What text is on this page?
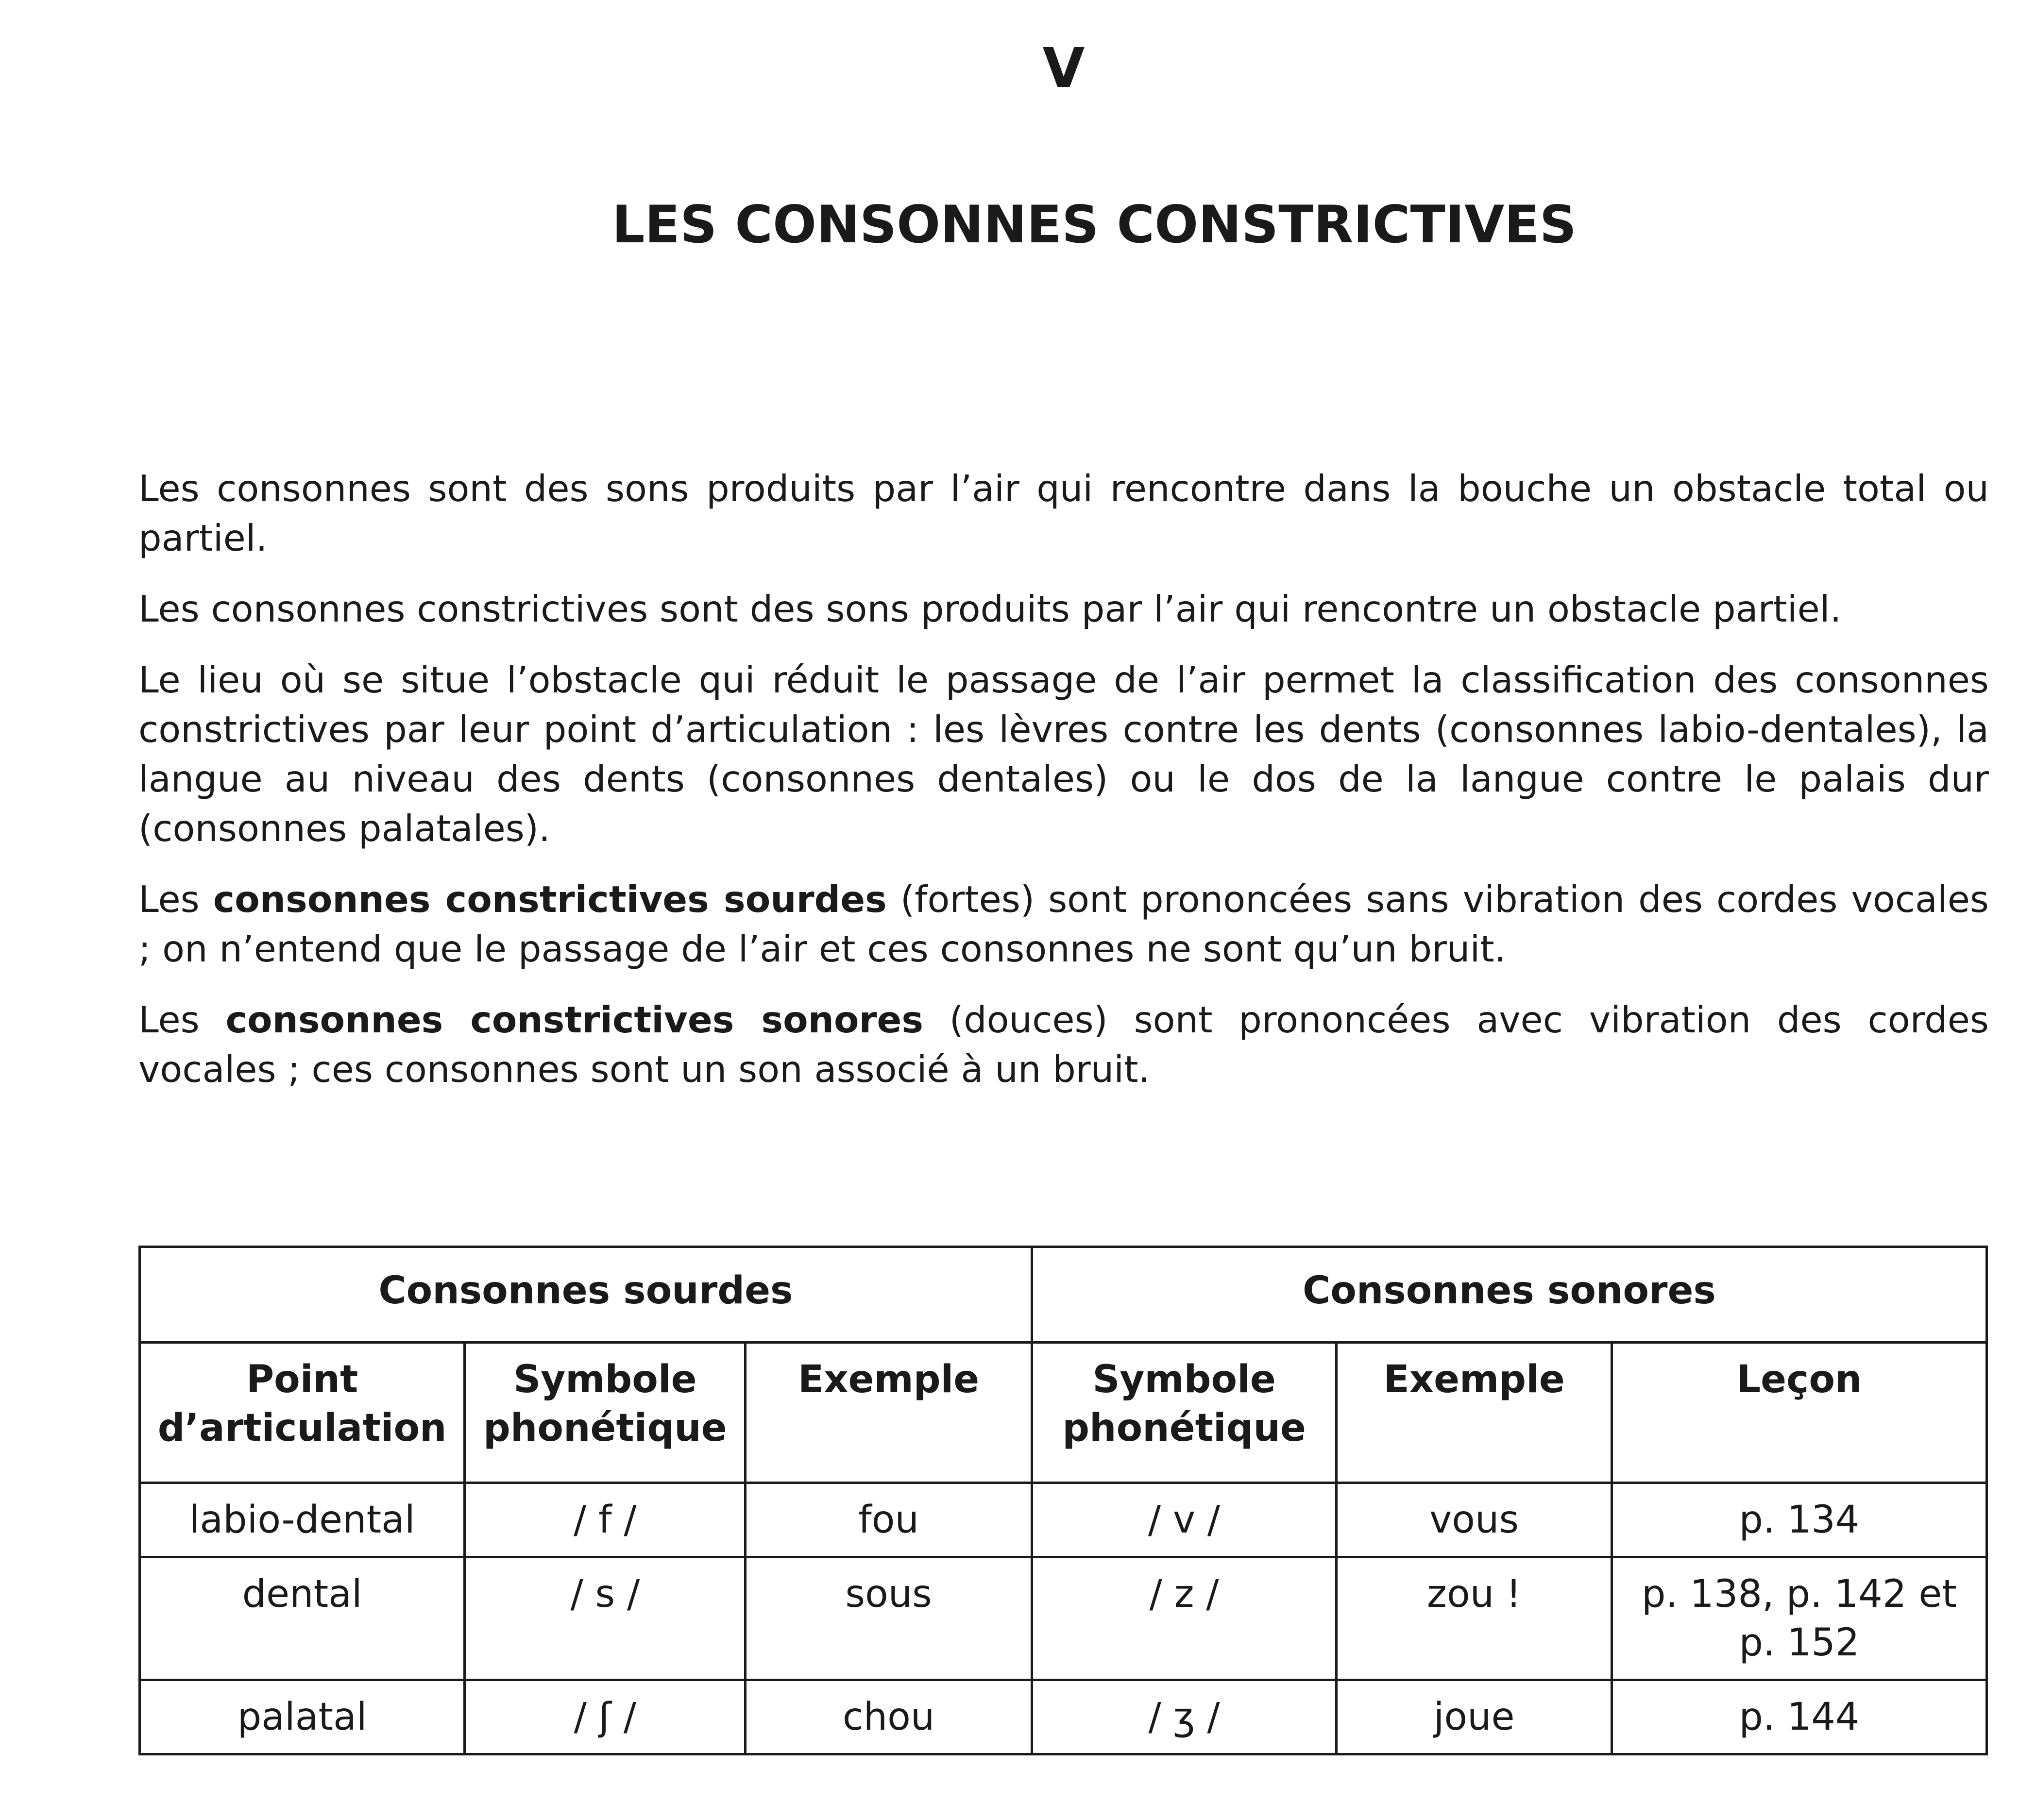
V
LES CONSONNES CONSTRICTIVES

Les consonnes sont des sons produits par l’air qui rencontre dans la bouche un obstacle total ou partiel.

Les consonnes constrictives sont des sons produits par l’air qui rencontre un obstacle partiel.

Le lieu où se situe l’obstacle qui réduit le passage de l’air permet la classification des consonnes constrictives par leur point d’articulation : les lèvres contre les dents (consonnes labio-dentales), la langue au niveau des dents (consonnes dentales) ou le dos de la langue contre le palais dur (consonnes palatales).

Les consonnes constrictives sourdes (fortes) sont prononcées sans vibration des cordes vocales ; on n’entend que le passage de l’air et ces consonnes ne sont qu’un bruit.

Les consonnes constrictives sonores (douces) sont prononcées avec vibration des cordes vocales ; ces consonnes sont un son associé à un bruit.

Consonnes sourdes			Consonnes sonores		
Point d’articulation	Symbole phonétique	Exemple	Symbole phonétique	Exemple	Leçon
labio-dental	/ f /	fou	/ v /	vous	p. 134
dental	/ s /	sous	/ z /	zou !	p. 138, p. 142 et p. 152
palatal	/ ʃ /	chou	/ ʒ /	joue	p. 144
